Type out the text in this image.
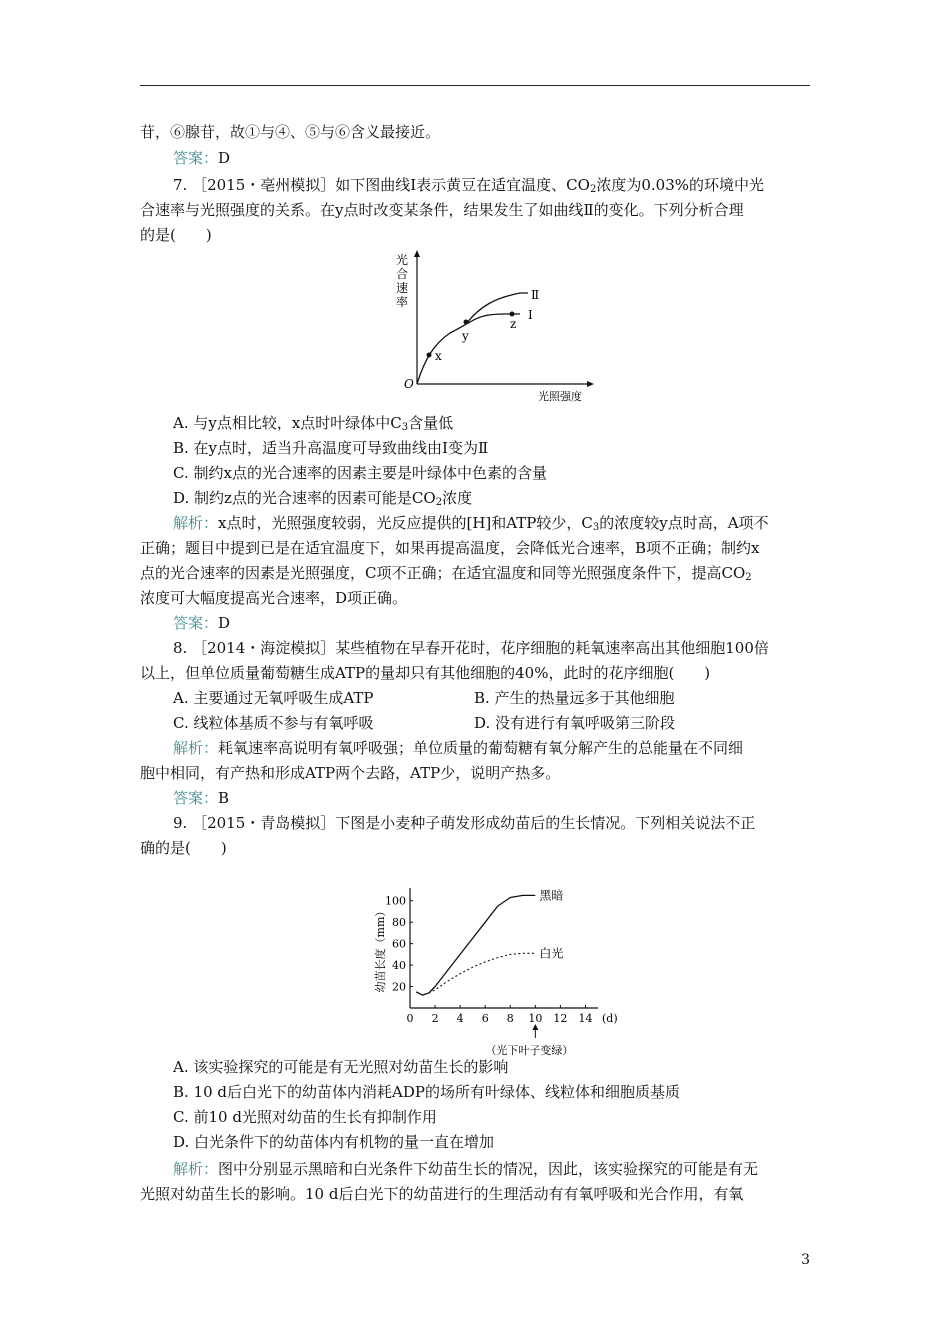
苷，⑥腺苷，故①与④、⑤与⑥含义最接近。
答案：D
7. ［2015・亳州模拟］如下图曲线Ⅰ表示黄豆在适宜温度、$CO_2$浓度为0.03%的环境中光
合速率与光照强度的关系。在y点时改变某条件，结果发生了如曲线Ⅱ的变化。下列分析合理
的是(　　)
x
y
z
Ⅰ
Ⅱ
O
光照强度
光
合
速
率
A. 与y点相比较，x点时叶绿体中$C_3$含量低
B. 在y点时，适当升高温度可导致曲线由Ⅰ变为Ⅱ
C. 制约x点的光合速率的因素主要是叶绿体中色素的含量
D. 制约z点的光合速率的因素可能是$CO_2$浓度
解析：x点时，光照强度较弱，光反应提供的[H]和ATP较少，$C_3$的浓度较y点时高，A项不
正确；题目中提到已是在适宜温度下，如果再提高温度，会降低光合速率，B项不正确；制约x
点的光合速率的因素是光照强度，C项不正确；在适宜温度和同等光照强度条件下，提高$CO_2$
浓度可大幅度提高光合速率，D项正确。
答案：D
8. ［2014・海淀模拟］某些植物在早春开花时，花序细胞的耗氧速率高出其他细胞100倍
以上，但单位质量葡萄糖生成ATP的量却只有其他细胞的40%，此时的花序细胞(　　)
A. 主要通过无氧呼吸生成ATP	B. 产生的热量远多于其他细胞
C. 线粒体基质不参与有氧呼吸	D. 没有进行有氧呼吸第三阶段
解析：耗氧速率高说明有氧呼吸强；单位质量的葡萄糖有氧分解产生的总能量在不同细
胞中相同，有产热和形成ATP两个去路，ATP少，说明产热多。
答案：B
9. ［2015・青岛模拟］下图是小麦种子萌发形成幼苗后的生长情况。下列相关说法不正
确的是(　　)
0 2 4 6 8 10 12 14
20
40
60
80
100
(d)
幼苗长度（mm）
（光下叶子变绿）
黑暗
白光
A. 该实验探究的可能是有无光照对幼苗生长的影响
B. 10 d后白光下的幼苗体内消耗ADP的场所有叶绿体、线粒体和细胞质基质
C. 前10 d光照对幼苗的生长有抑制作用
D. 白光条件下的幼苗体内有机物的量一直在增加
解析：图中分别显示黑暗和白光条件下幼苗生长的情况，因此，该实验探究的可能是有无
光照对幼苗生长的影响。10 d后白光下的幼苗进行的生理活动有有氧呼吸和光合作用，有氧
3
